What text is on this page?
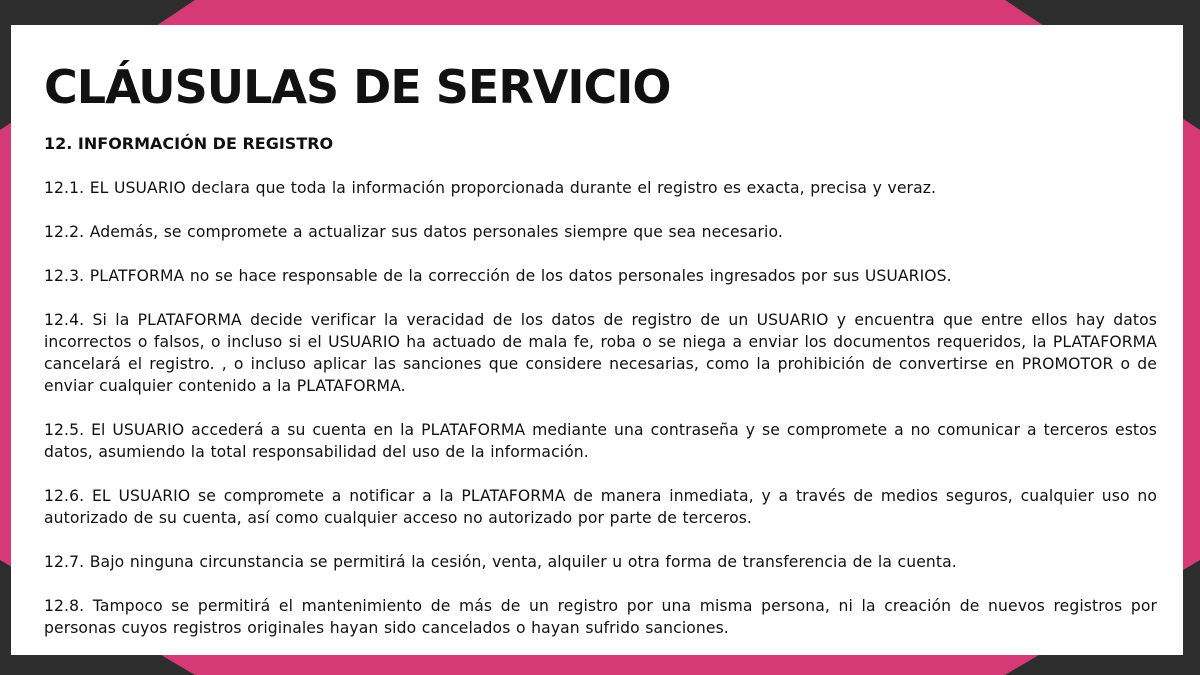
CLÁUSULAS DE SERVICIO
12. INFORMACIÓN DE REGISTRO

12.1. EL USUARIO declara que toda la información proporcionada durante el registro es exacta, precisa y veraz.

12.2. Además, se compromete a actualizar sus datos personales siempre que sea necesario.

12.3. PLATFORMA no se hace responsable de la corrección de los datos personales ingresados por sus USUARIOS.

12.4. Si la PLATAFORMA decide verificar la veracidad de los datos de registro de un USUARIO y encuentra que entre ellos hay datos incorrectos o falsos, o incluso si el USUARIO ha actuado de mala fe, roba o se niega a enviar los documentos requeridos, la PLATAFORMA cancelará el registro. , o incluso aplicar las sanciones que considere necesarias, como la prohibición de convertirse en PROMOTOR o de enviar cualquier contenido a la PLATAFORMA.

12.5. El USUARIO accederá a su cuenta en la PLATAFORMA mediante una contraseña y se compromete a no comunicar a terceros estos datos, asumiendo la total responsabilidad del uso de la información.

12.6. EL USUARIO se compromete a notificar a la PLATAFORMA de manera inmediata, y a través de medios seguros, cualquier uso no autorizado de su cuenta, así como cualquier acceso no autorizado por parte de terceros.

12.7. Bajo ninguna circunstancia se permitirá la cesión, venta, alquiler u otra forma de transferencia de la cuenta.

12.8. Tampoco se permitirá el mantenimiento de más de un registro por una misma persona, ni la creación de nuevos registros por personas cuyos registros originales hayan sido cancelados o hayan sufrido sanciones.
